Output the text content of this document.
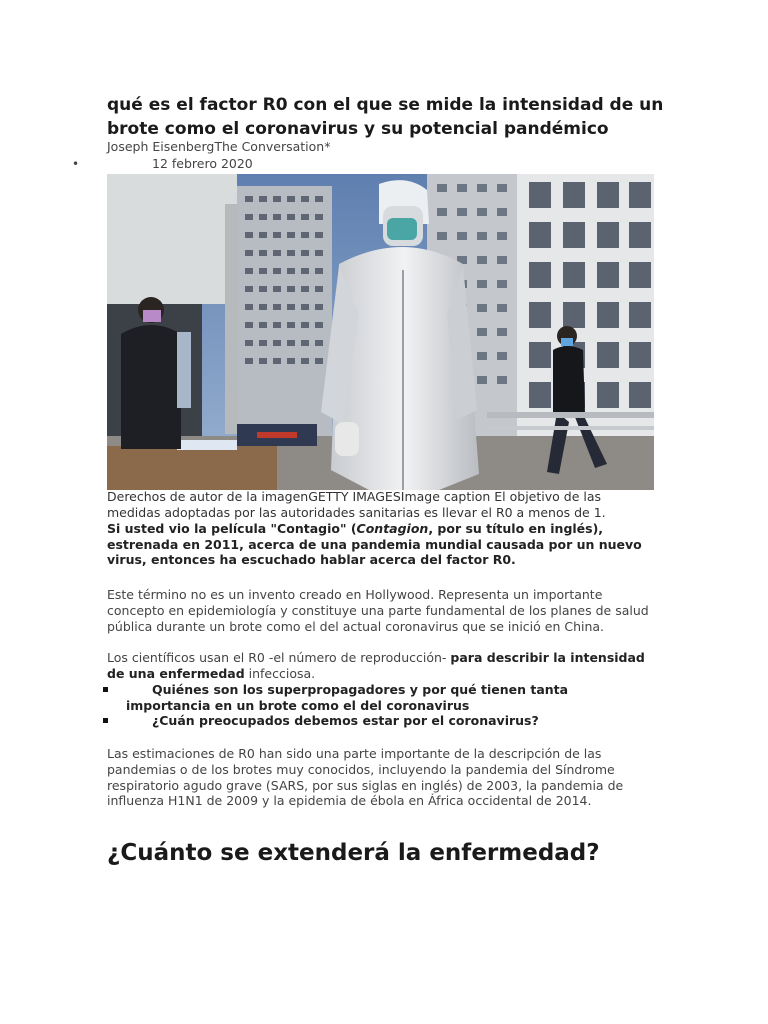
qué es el factor R0 con el que se mide la intensidad de un brote como el coronavirus y su potencial pandémico
Joseph EisenbergThe Conversation*
•	12 febrero 2020
Derechos de autor de la imagenGETTY IMAGESImage caption El objetivo de las medidas adoptadas por las autoridades sanitarias es llevar el R0 a menos de 1.
Si usted vio la película "Contagio" (Contagion, por su título en inglés), estrenada en 2011, acerca de una pandemia mundial causada por un nuevo virus, entonces ha escuchado hablar acerca del factor R0.
Este término no es un invento creado en Hollywood. Representa un importante concepto en epidemiología y constituye una parte fundamental de los planes de salud pública durante un brote como el del actual coronavirus que se inició en China.
Los científicos usan el R0 -el número de reproducción- para describir la intensidad de una enfermedad infecciosa.
Quiénes son los superpropagadores y por qué tienen tanta
importancia en un brote como el del coronavirus
¿Cuán preocupados debemos estar por el coronavirus?
Las estimaciones de R0 han sido una parte importante de la descripción de las pandemias o de los brotes muy conocidos, incluyendo la pandemia del Síndrome respiratorio agudo grave (SARS, por sus siglas en inglés) de 2003, la pandemia de influenza H1N1 de 2009 y la epidemia de ébola en África occidental de 2014.
¿Cuánto se extenderá la enfermedad?
